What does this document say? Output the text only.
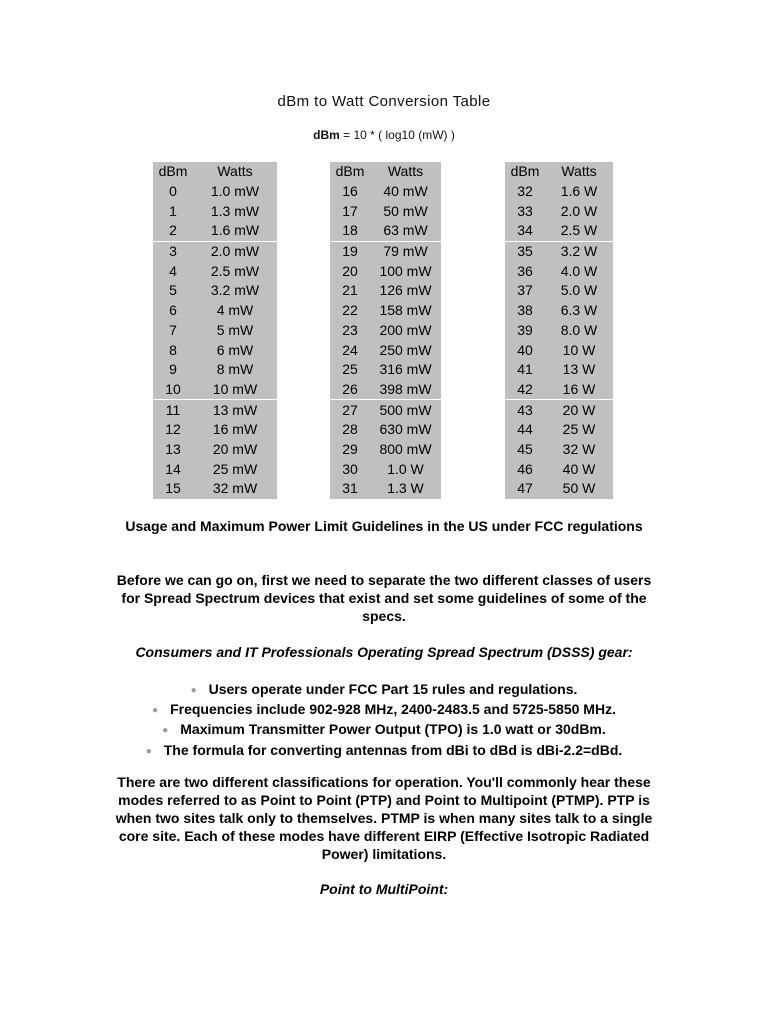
dBm to Watt Conversion Table
dBm = 10 * ( log10 (mW) )
dBm	Watts
0	1.0 mW
1	1.3 mW
2	1.6 mW
3	2.0 mW
4	2.5 mW
5	3.2 mW
6	4 mW
7	5 mW
8	6 mW
9	8 mW
10	10 mW
11	13 mW
12	16 mW
13	20 mW
14	25 mW
15	32 mW
dBm	Watts
16	40 mW
17	50 mW
18	63 mW
19	79 mW
20	100 mW
21	126 mW
22	158 mW
23	200 mW
24	250 mW
25	316 mW
26	398 mW
27	500 mW
28	630 mW
29	800 mW
30	1.0 W
31	1.3 W
dBm	Watts
32	1.6 W
33	2.0 W
34	2.5 W
35	3.2 W
36	4.0 W
37	5.0 W
38	6.3 W
39	8.0 W
40	10 W
41	13 W
42	16 W
43	20 W
44	25 W
45	32 W
46	40 W
47	50 W
Usage and Maximum Power Limit Guidelines in the US under FCC regulations
Before we can go on, first we need to separate the two different classes of users for Spread Spectrum devices that exist and set some guidelines of some of the specs.
Consumers and IT Professionals Operating Spread Spectrum (DSSS) gear:
● Users operate under FCC Part 15 rules and regulations.
● Frequencies include 902-928 MHz, 2400-2483.5 and 5725-5850 MHz.
● Maximum Transmitter Power Output (TPO) is 1.0 watt or 30dBm.
● The formula for converting antennas from dBi to dBd is dBi-2.2=dBd.
There are two different classifications for operation. You'll commonly hear these modes referred to as Point to Point (PTP) and Point to Multipoint (PTMP). PTP is when two sites talk only to themselves. PTMP is when many sites talk to a single core site. Each of these modes have different EIRP (Effective Isotropic Radiated Power) limitations.
Point to MultiPoint:
